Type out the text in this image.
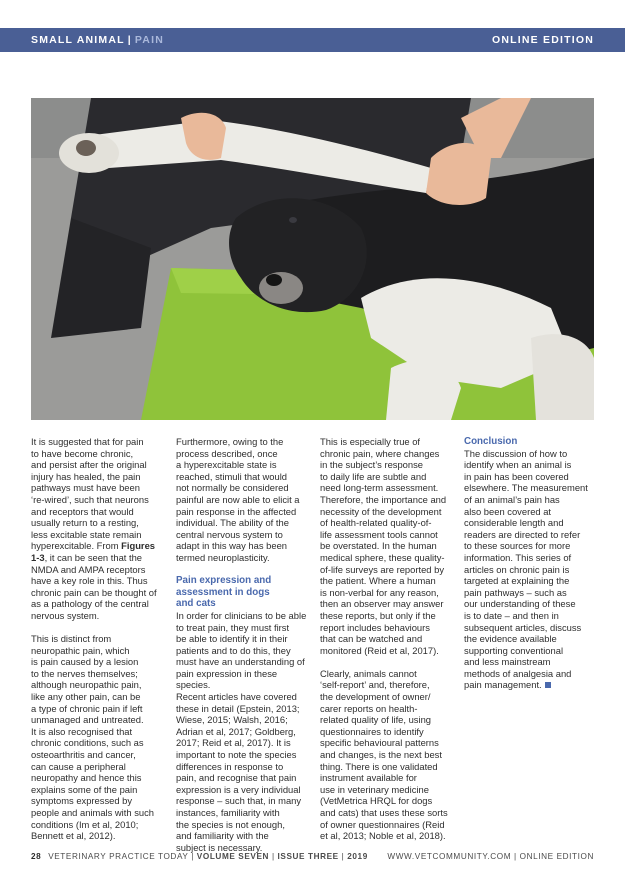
SMALL ANIMAL | PAIN	ONLINE EDITION

It is suggested that for pain
to have become chronic,
and persist after the original
injury has healed, the pain
pathways must have been
‘re-wired’, such that neurons
and receptors that would
usually return to a resting,
less excitable state remain
hyperexcitable. From Figures
1-3, it can be seen that the
NMDA and AMPA receptors
have a key role in this. Thus
chronic pain can be thought of
as a pathology of the central
nervous system.

This is distinct from
neuropathic pain, which
is pain caused by a lesion
to the nerves themselves;
although neuropathic pain,
like any other pain, can be
a type of chronic pain if left
unmanaged and untreated.
It is also recognised that
chronic conditions, such as
osteoarthritis and cancer,
can cause a peripheral
neuropathy and hence this
explains some of the pain
symptoms expressed by
people and animals with such
conditions (Im et al, 2010;
Bennett et al, 2012).

Furthermore, owing to the
process described, once
a hyperexcitable state is
reached, stimuli that would
not normally be considered
painful are now able to elicit a
pain response in the affected
individual. The ability of the
central nervous system to
adapt in this way has been
termed neuroplasticity.

Pain expression and
assessment in dogs
and cats

In order for clinicians to be able
to treat pain, they must first
be able to identify it in their
patients and to do this, they
must have an understanding of
pain expression in these species.
Recent articles have covered
these in detail (Epstein, 2013;
Wiese, 2015; Walsh, 2016;
Adrian et al, 2017; Goldberg,
2017; Reid et al, 2017). It is
important to note the species
differences in response to
pain, and recognise that pain
expression is a very individual
response – such that, in many
instances, familiarity with
the species is not enough,
and familiarity with the
subject is necessary.

This is especially true of
chronic pain, where changes
in the subject’s response
to daily life are subtle and
need long-term assessment.
Therefore, the importance and
necessity of the development
of health-related quality-of-
life assessment tools cannot
be overstated. In the human
medical sphere, these quality-
of-life surveys are reported by
the patient. Where a human
is non-verbal for any reason,
then an observer may answer
these reports, but only if the
report includes behaviours
that can be watched and
monitored (Reid et al, 2017).

Clearly, animals cannot
‘self-report’ and, therefore,
the development of owner/
carer reports on health-
related quality of life, using
questionnaires to identify
specific behavioural patterns
and changes, is the next best
thing. There is one validated
instrument available for
use in veterinary medicine
(VetMetrica HRQL for dogs
and cats) that uses these sorts
of owner questionnaires (Reid
et al, 2013; Noble et al, 2018).

Conclusion

The discussion of how to
identify when an animal is
in pain has been covered
elsewhere. The measurement
of an animal’s pain has
also been covered at
considerable length and
readers are directed to refer
to these sources for more
information. This series of
articles on chronic pain is
targeted at explaining the
pain pathways – such as
our understanding of these
is to date – and then in
subsequent articles, discuss
the evidence available
supporting conventional
and less mainstream
methods of analgesia and
pain management.

28 VETERINARY PRACTICE TODAY | VOLUME SEVEN | ISSUE THREE | 2019 WWW.VETCOMMUNITY.COM | ONLINE EDITION
